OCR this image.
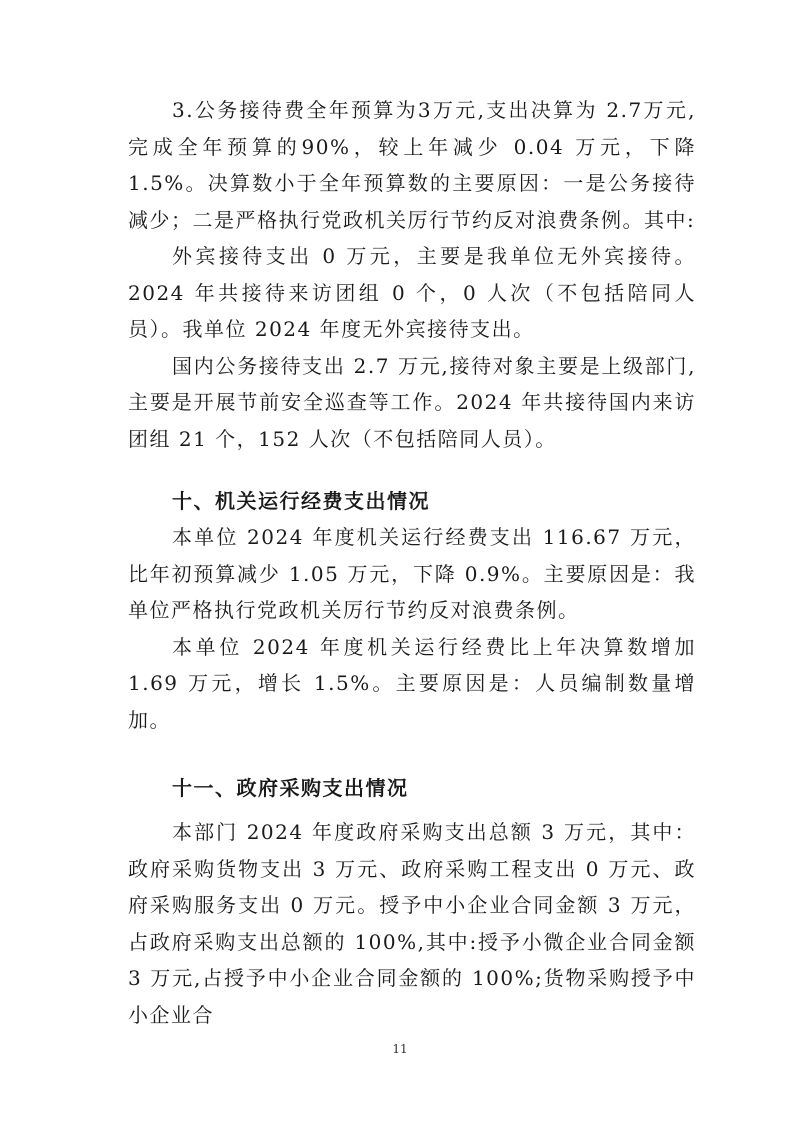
3.公务接待费全年预算为3万元,支出决算为 2.7万元,完成全年预算的90%，较上年减少 0.04 万元，下降 1.5%。决算数小于全年预算数的主要原因：一是公务接待减少；二是严格执行党政机关厉行节约反对浪费条例。其中:

外宾接待支出 0 万元，主要是我单位无外宾接待。2024 年共接待来访团组 0 个，0 人次（不包括陪同人员）。我单位 2024 年度无外宾接待支出。

国内公务接待支出 2.7 万元,接待对象主要是上级部门,主要是开展节前安全巡查等工作。2024 年共接待国内来访团组 21 个，152 人次（不包括陪同人员）。

十、机关运行经费支出情况

本单位 2024 年度机关运行经费支出 116.67 万元，比年初预算减少 1.05 万元，下降 0.9%。主要原因是：我单位严格执行党政机关厉行节约反对浪费条例。

本单位 2024 年度机关运行经费比上年决算数增加 1.69 万元，增长 1.5%。主要原因是：人员编制数量增加。

十一、政府采购支出情况

本部门 2024 年度政府采购支出总额 3 万元，其中：政府采购货物支出 3 万元、政府采购工程支出 0 万元、政府采购服务支出 0 万元。授予中小企业合同金额 3 万元，占政府采购支出总额的 100%,其中:授予小微企业合同金额 3 万元,占授予中小企业合同金额的 100%;货物采购授予中小企业合

11
